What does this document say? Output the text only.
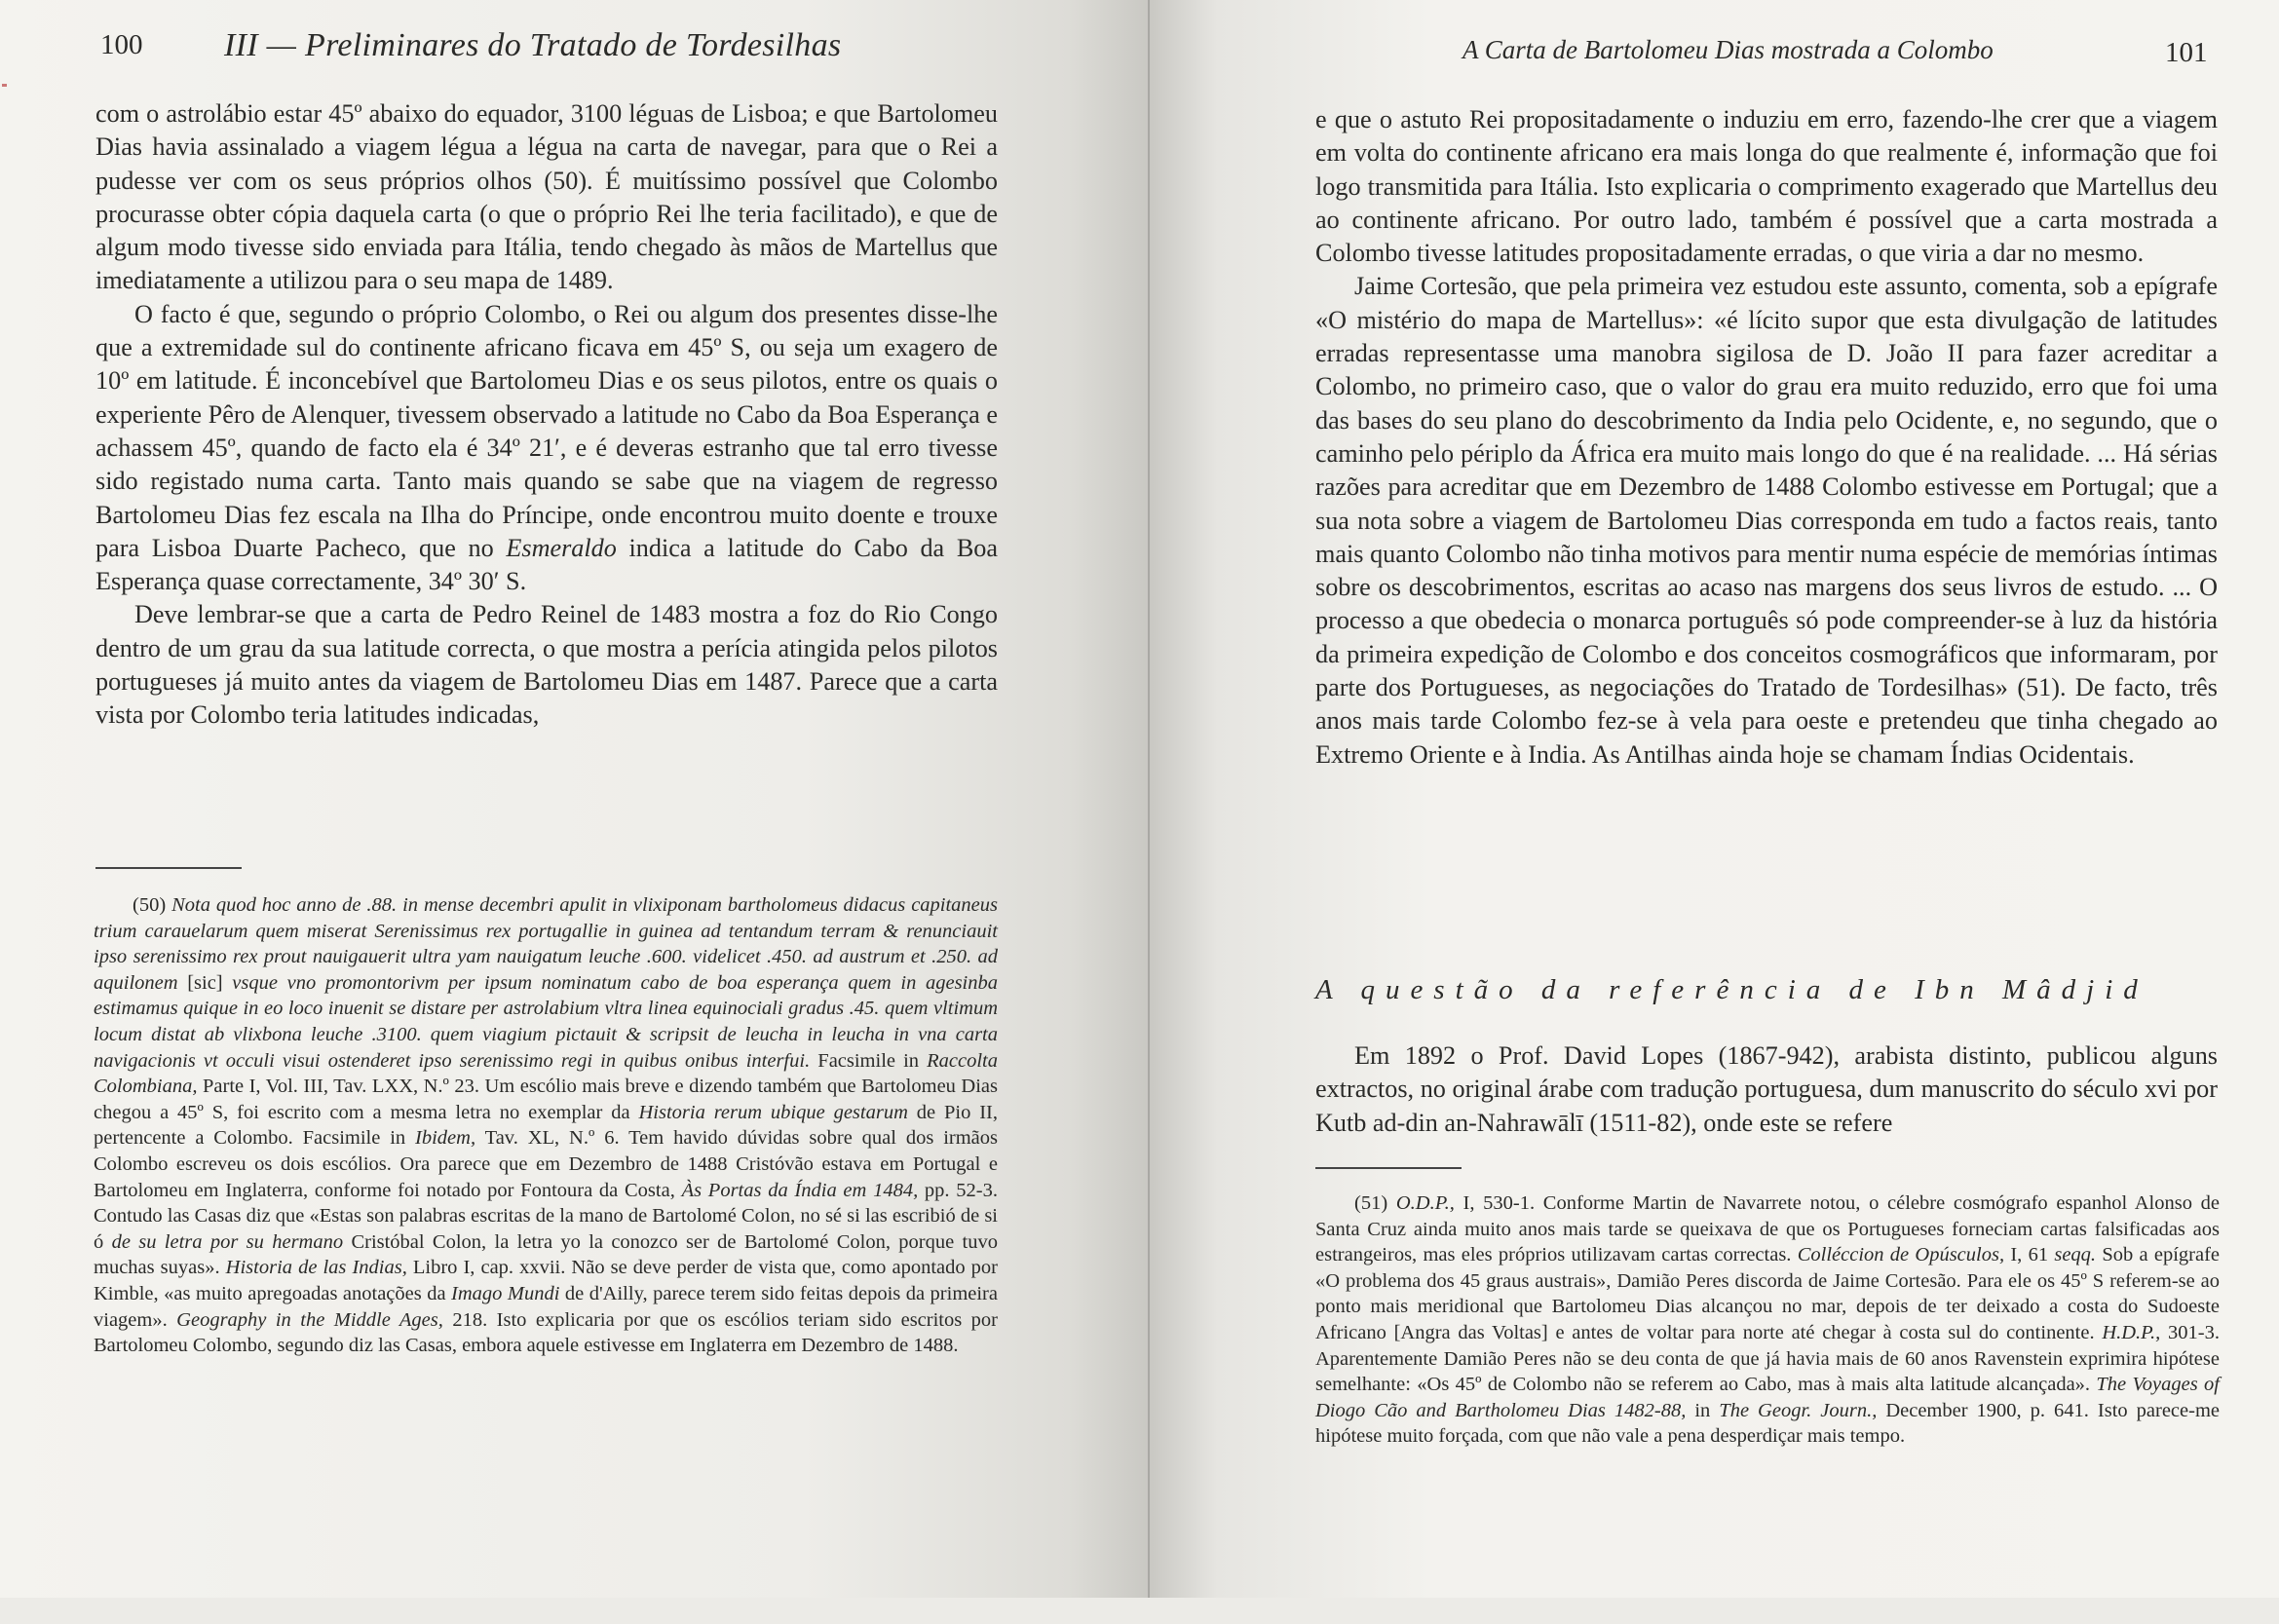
100 III — Preliminares do Tratado de Tordesilhas

com o astrolábio estar 45º abaixo do equador, 3100 léguas de Lisboa; e que Bartolomeu Dias havia assinalado a viagem légua a légua na carta de navegar, para que o Rei a pudesse ver com os seus próprios olhos (50). É muitíssimo possível que Colombo procurasse obter cópia daquela carta (o que o próprio Rei lhe teria facilitado), e que de algum modo tivesse sido enviada para Itália, tendo chegado às mãos de Martellus que imediatamente a utilizou para o seu mapa de 1489.

O facto é que, segundo o próprio Colombo, o Rei ou algum dos presentes disse-lhe que a extremidade sul do continente africano ficava em 45º S, ou seja um exagero de 10º em latitude. É inconcebível que Bartolomeu Dias e os seus pilotos, entre os quais o experiente Pêro de Alenquer, tivessem observado a latitude no Cabo da Boa Esperança e achassem 45º, quando de facto ela é 34º 21′, e é deveras estranho que tal erro tivesse sido registado numa carta. Tanto mais quando se sabe que na viagem de regresso Bartolomeu Dias fez escala na Ilha do Príncipe, onde encontrou muito doente e trouxe para Lisboa Duarte Pacheco, que no Esmeraldo indica a latitude do Cabo da Boa Esperança quase correctamente, 34º 30′ S.

Deve lembrar-se que a carta de Pedro Reinel de 1483 mostra a foz do Rio Congo dentro de um grau da sua latitude correcta, o que mostra a perícia atingida pelos pilotos portugueses já muito antes da viagem de Bartolomeu Dias em 1487. Parece que a carta vista por Colombo teria latitudes indicadas,

(50) Nota quod hoc anno de .88. in mense decembri apulit in vlixiponam bartholomeus didacus capitaneus trium carauelarum quem miserat Serenissimus rex portugallie in guinea ad tentandum terram & renunciauit ipso serenissimo rex prout nauigauerit ultra yam nauigatum leuche .600. videlicet .450. ad austrum et .250. ad aquilonem [sic] vsque vno promontorivm per ipsum nominatum cabo de boa esperança quem in agesinba estimamus quique in eo loco inuenit se distare per astrolabium vltra linea equinociali gradus .45. quem vltimum locum distat ab vlixbona leuche .3100. quem viagium pictauit & scripsit de leucha in leucha in vna carta navigacionis vt occuli visui ostenderet ipso serenissimo regi in quibus onibus interfui. Facsimile in Raccolta Colombiana, Parte I, Vol. III, Tav. LXX, N.º 23. Um escólio mais breve e dizendo também que Bartolomeu Dias chegou a 45º S, foi escrito com a mesma letra no exemplar da Historia rerum ubique gestarum de Pio II, pertencente a Colombo. Facsimile in Ibidem, Tav. XL, N.º 6. Tem havido dúvidas sobre qual dos irmãos Colombo escreveu os dois escólios. Ora parece que em Dezembro de 1488 Cristóvão estava em Portugal e Bartolomeu em Inglaterra, conforme foi notado por Fontoura da Costa, Às Portas da Índia em 1484, pp. 52-3. Contudo las Casas diz que «Estas son palabras escritas de la mano de Bartolomé Colon, no sé si las escribió de si ó de su letra por su hermano Cristóbal Colon, la letra yo la conozco ser de Bartolomé Colon, porque tuvo muchas suyas». Historia de las Indias, Libro I, cap. xxvii. Não se deve perder de vista que, como apontado por Kimble, «as muito apregoadas anotações da Imago Mundi de d'Ailly, parece terem sido feitas depois da primeira viagem». Geography in the Middle Ages, 218. Isto explicaria por que os escólios teriam sido escritos por Bartolomeu Colombo, segundo diz las Casas, embora aquele estivesse em Inglaterra em Dezembro de 1488.

A Carta de Bartolomeu Dias mostrada a Colombo	101

e que o astuto Rei propositadamente o induziu em erro, fazendo-lhe crer que a viagem em volta do continente africano era mais longa do que realmente é, informação que foi logo transmitida para Itália. Isto explicaria o comprimento exagerado que Martellus deu ao continente africano. Por outro lado, também é possível que a carta mostrada a Colombo tivesse latitudes propositadamente erradas, o que viria a dar no mesmo.

Jaime Cortesão, que pela primeira vez estudou este assunto, comenta, sob a epígrafe «O mistério do mapa de Martellus»: «é lícito supor que esta divulgação de latitudes erradas representasse uma manobra sigilosa de D. João II para fazer acreditar a Colombo, no primeiro caso, que o valor do grau era muito reduzido, erro que foi uma das bases do seu plano do descobrimento da India pelo Ocidente, e, no segundo, que o caminho pelo périplo da África era muito mais longo do que é na realidade. ... Há sérias razões para acreditar que em Dezembro de 1488 Colombo estivesse em Portugal; que a sua nota sobre a viagem de Bartolomeu Dias corresponda em tudo a factos reais, tanto mais quanto Colombo não tinha motivos para mentir numa espécie de memórias íntimas sobre os descobrimentos, escritas ao acaso nas margens dos seus livros de estudo. ... O processo a que obedecia o monarca português só pode compreender-se à luz da história da primeira expedição de Colombo e dos conceitos cosmográficos que informaram, por parte dos Portugueses, as negociações do Tratado de Tordesilhas» (51). De facto, três anos mais tarde Colombo fez-se à vela para oeste e pretendeu que tinha chegado ao Extremo Oriente e à India. As Antilhas ainda hoje se chamam Índias Ocidentais.

A questão da referência de Ibn Mâdjid

Em 1892 o Prof. David Lopes (1867-942), arabista distinto, publicou alguns extractos, no original árabe com tradução portuguesa, dum manuscrito do século xvi por Kutb ad-din an-Nahrawālī (1511-82), onde este se refere

(51) O.D.P., I, 530-1. Conforme Martin de Navarrete notou, o célebre cosmógrafo espanhol Alonso de Santa Cruz ainda muito anos mais tarde se queixava de que os Portugueses forneciam cartas falsificadas aos estrangeiros, mas eles próprios utilizavam cartas correctas. Colléccion de Opúsculos, I, 61 seqq. Sob a epígrafe «O problema dos 45 graus austrais», Damião Peres discorda de Jaime Cortesão. Para ele os 45º S referem-se ao ponto mais meridional que Bartolomeu Dias alcançou no mar, depois de ter deixado a costa do Sudoeste Africano [Angra das Voltas] e antes de voltar para norte até chegar à costa sul do continente. H.D.P., 301-3. Aparentemente Damião Peres não se deu conta de que já havia mais de 60 anos Ravenstein exprimira hipótese semelhante: «Os 45º de Colombo não se referem ao Cabo, mas à mais alta latitude alcançada». The Voyages of Diogo Cão and Bartholomeu Dias 1482-88, in The Geogr. Journ., December 1900, p. 641. Isto parece-me hipótese muito forçada, com que não vale a pena desperdiçar mais tempo.
